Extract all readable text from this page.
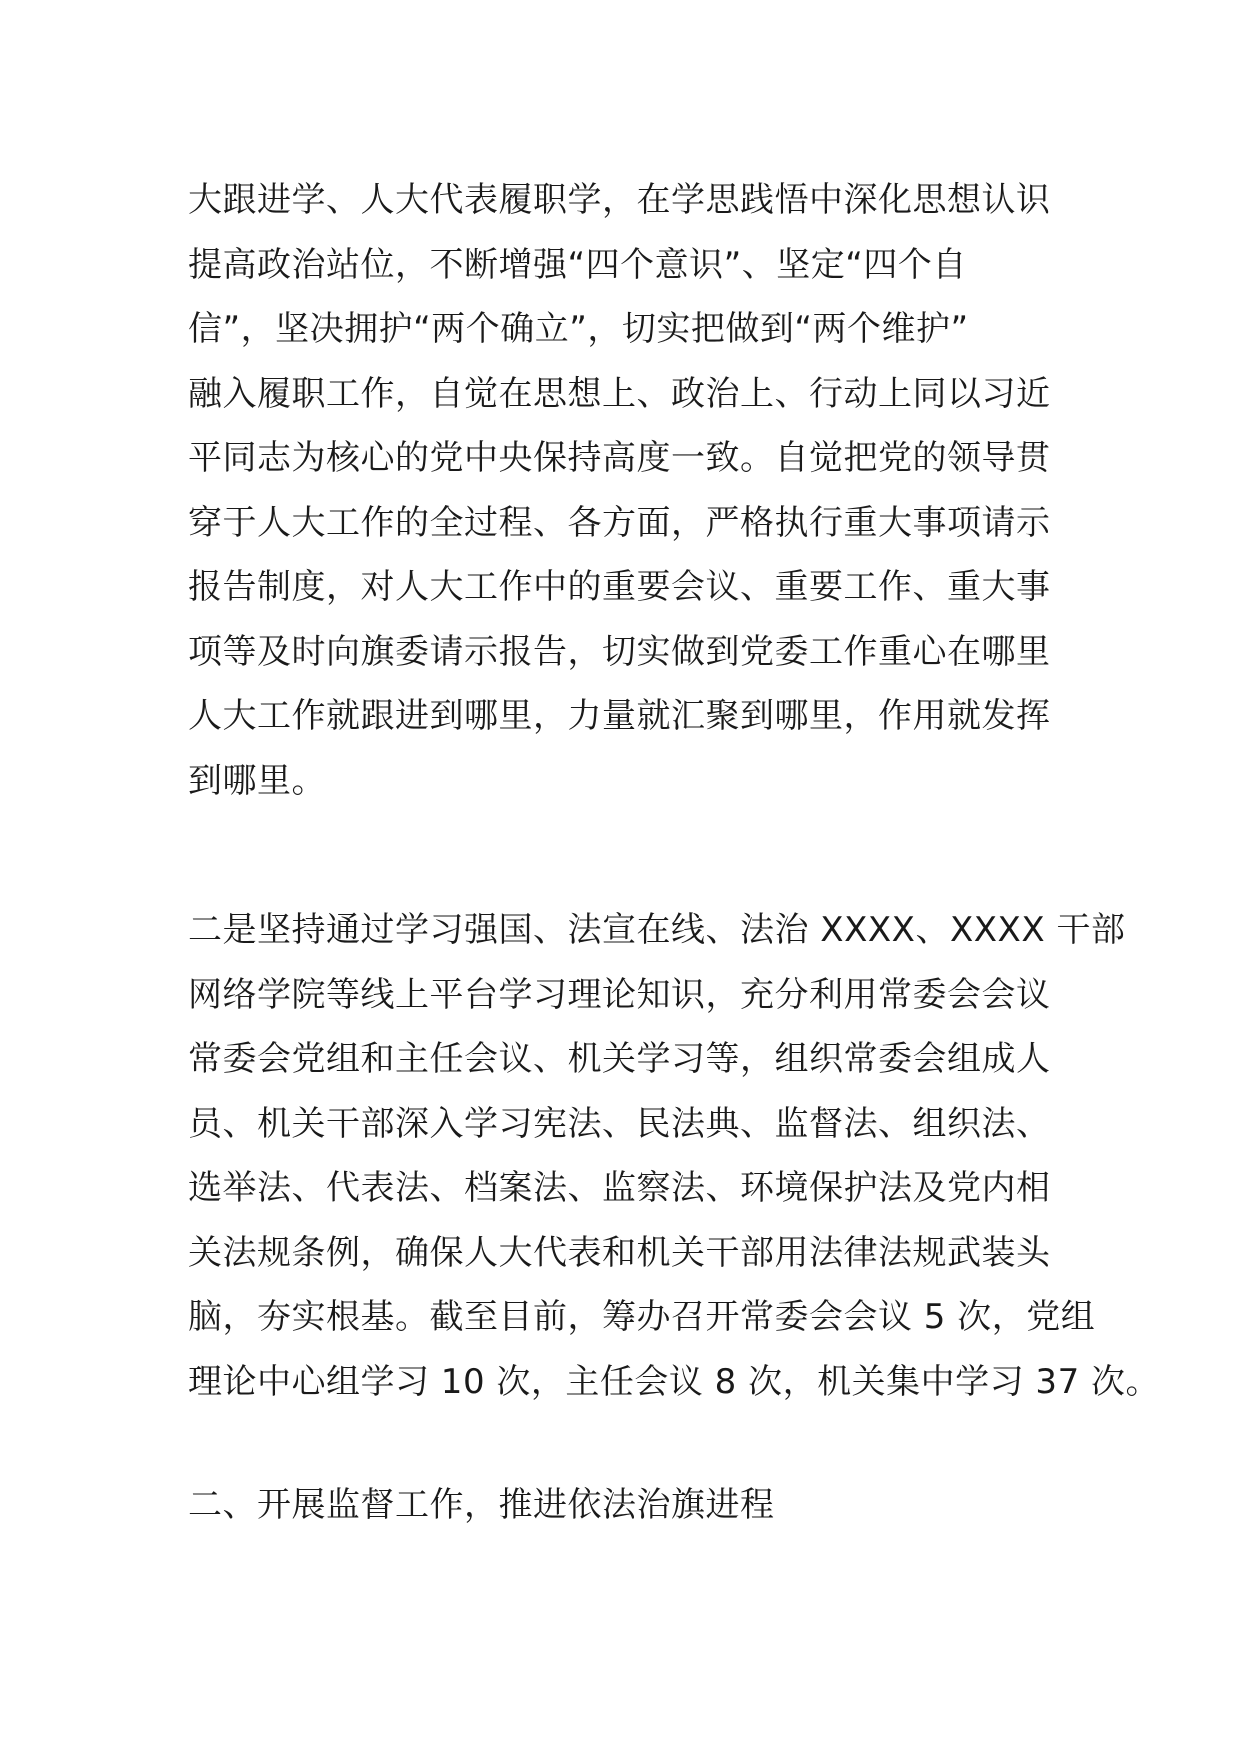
大跟进学、人大代表履职学，在学思践悟中深化思想认识
提高政治站位，不断增强“四个意识”、坚定“四个自
信”，坚决拥护“两个确立”，切实把做到“两个维护”
融入履职工作，自觉在思想上、政治上、行动上同以习近
平同志为核心的党中央保持高度一致。自觉把党的领导贯
穿于人大工作的全过程、各方面，严格执行重大事项请示
报告制度，对人大工作中的重要会议、重要工作、重大事
项等及时向旗委请示报告，切实做到党委工作重心在哪里
人大工作就跟进到哪里，力量就汇聚到哪里，作用就发挥
到哪里。
二是坚持通过学习强国、法宣在线、法治 XXXX、XXXX 干部
网络学院等线上平台学习理论知识，充分利用常委会会议
常委会党组和主任会议、机关学习等，组织常委会组成人
员、机关干部深入学习宪法、民法典、监督法、组织法、
选举法、代表法、档案法、监察法、环境保护法及党内相
关法规条例，确保人大代表和机关干部用法律法规武装头
脑，夯实根基。截至目前，筹办召开常委会会议 5 次，党组
理论中心组学习 10 次，主任会议 8 次，机关集中学习 37 次。
二、开展监督工作，推进依法治旗进程
